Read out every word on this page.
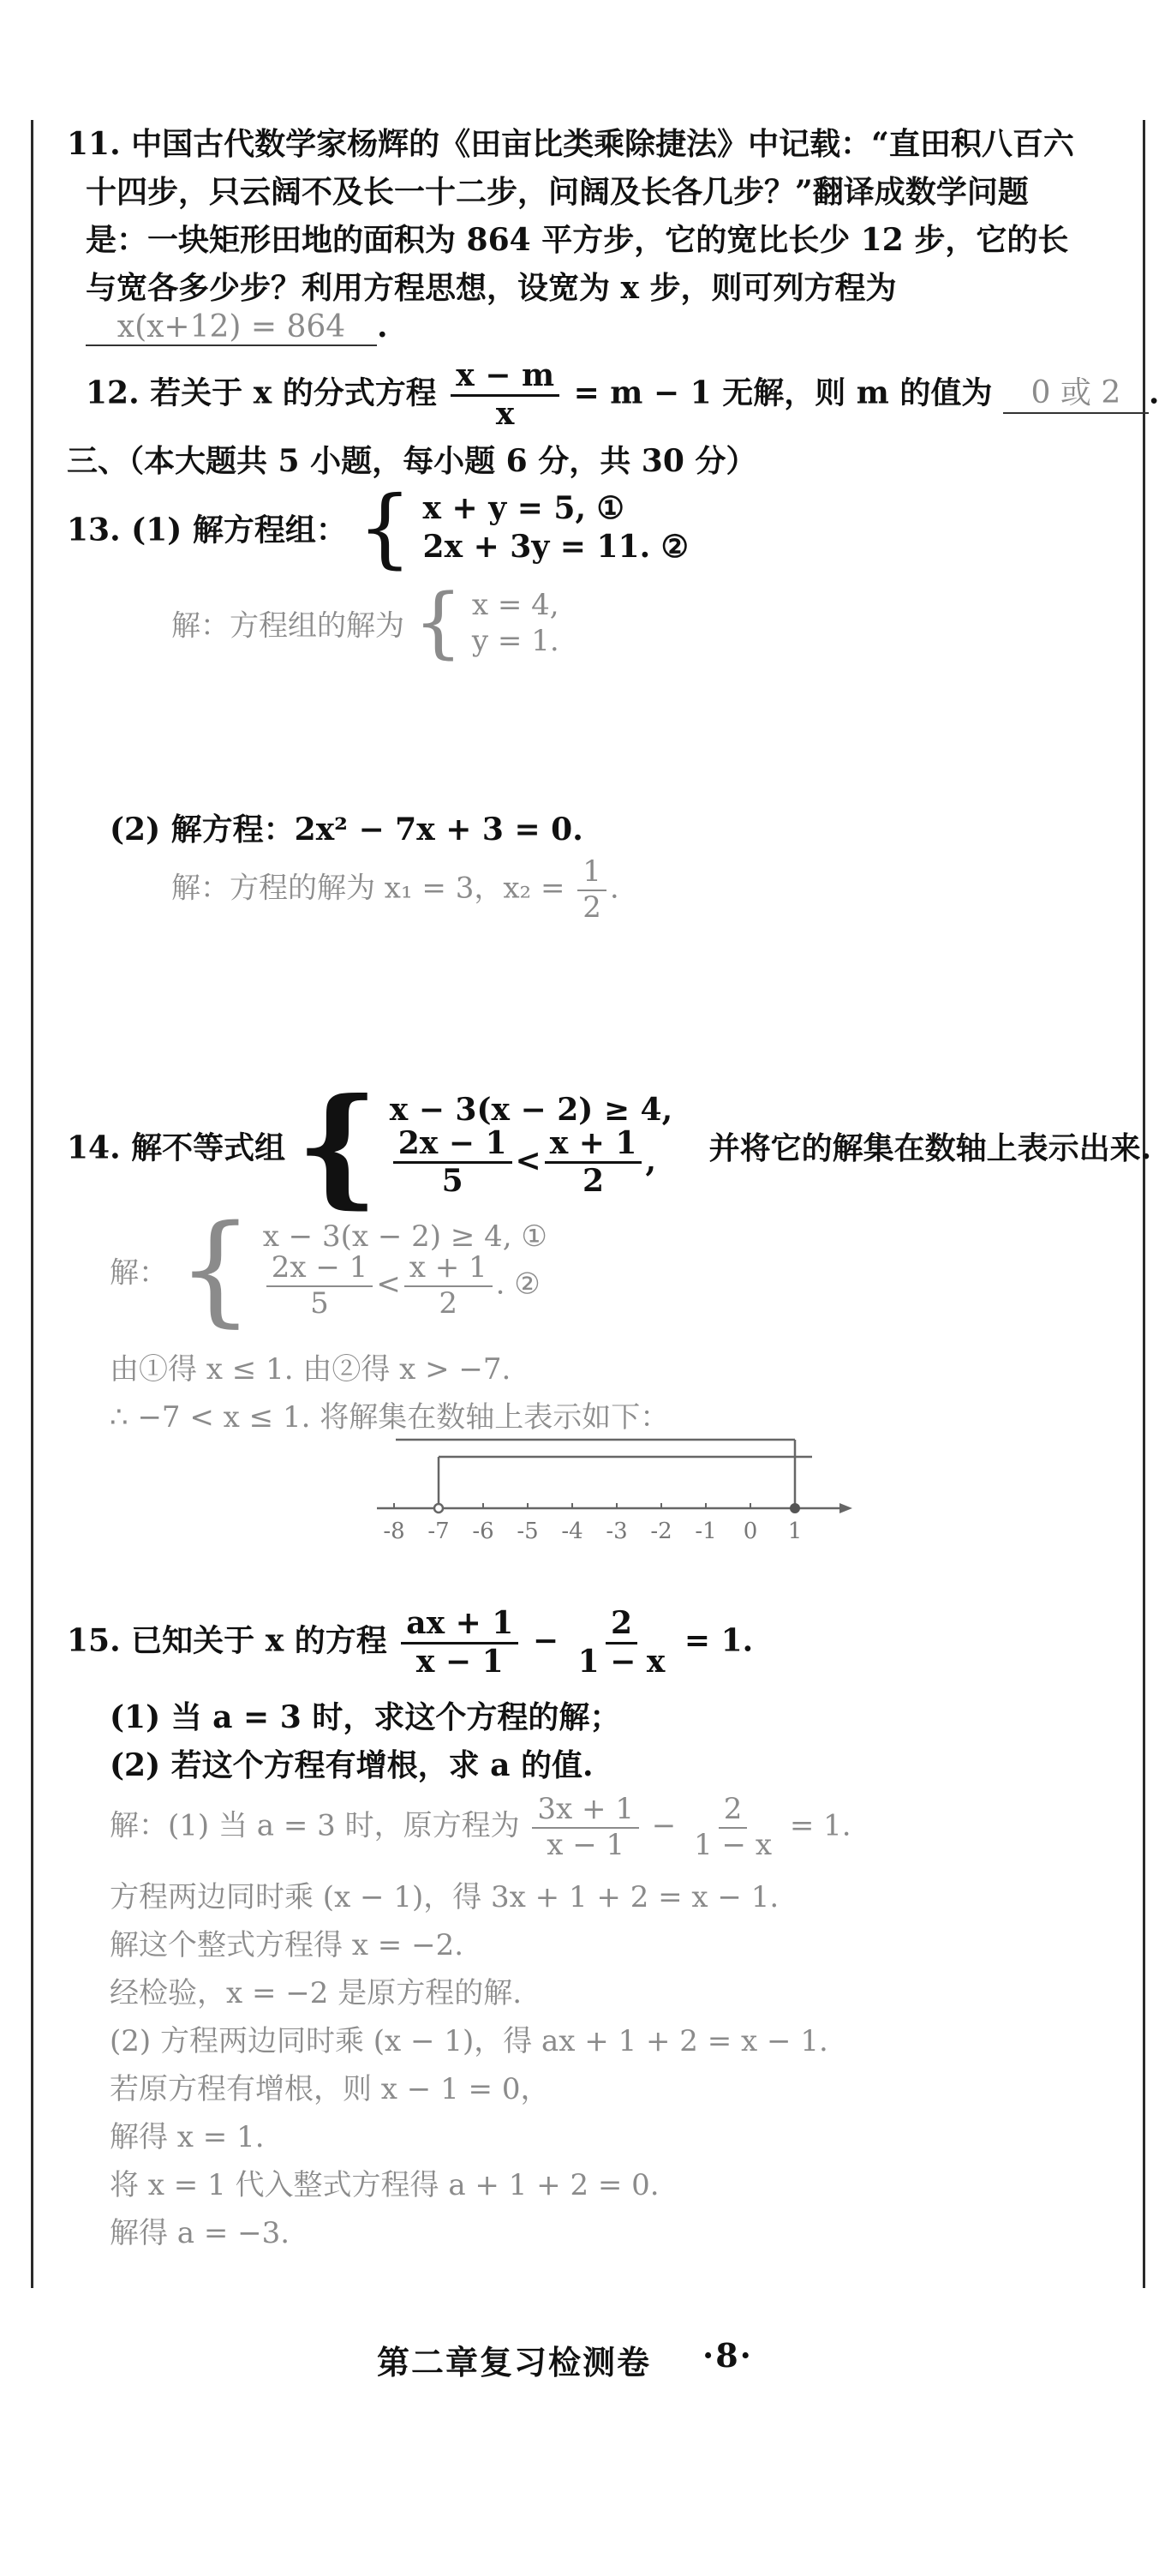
11. 中国古代数学家杨辉的《田亩比类乘除捷法》中记载：“直田积八百六
十四步，只云阔不及长一十二步，问阔及长各几步？”翻译成数学问题
是：一块矩形田地的面积为 864 平方步，它的宽比长少 12 步，它的长
与宽各多少步？利用方程思想，设宽为 x 步，则可列方程为
x(x+12) = 864 .
12. 若关于 x 的分式方程 $\frac{x - m}{x} = m - 1$ 无解，则 m 的值为 0 或 2 .
三、（本大题共 5 小题，每小题 6 分，共 30 分）
13. (1) 解方程组： { x + y = 5, ①
2x + 3y = 11. ②
解：方程组的解为 { x = 4,
y = 1.
(2) 解方程：2x² − 7x + 3 = 0.
解：方程的解为 x₁ = 3，$x_2 = \frac{1}{2}$ .
14. 解不等式组 { x − 3(x − 2) ≥ 4,
$\frac{2x - 1}{5} < \frac{x + 1}{2}$ ,	并将它的解集在数轴上表示出来.
解： { x − 3(x − 2) ≥ 4, ①
$\frac{2x - 1}{5} < \frac{x + 1}{2}$ . ②
由①得 x ≤ 1. 由②得 x > −7.
∴ −7 < x ≤ 1. 将解集在数轴上表示如下：
-8 -7 -6 -5 -4 -3 -2 -1 0 1
15. 已知关于 x 的方程 $\frac{ax + 1}{x - 1} - \frac{2}{1 - x} = 1$.
(1) 当 a = 3 时，求这个方程的解；
(2) 若这个方程有增根，求 a 的值.
解：(1) 当 a = 3 时，原方程为 $\frac{3x + 1}{x - 1} - \frac{2}{1 - x} = 1$.
方程两边同时乘 (x − 1)，得 3x + 1 + 2 = x − 1.
解这个整式方程得 x = −2.
经检验，x = −2 是原方程的解.
(2) 方程两边同时乘 (x − 1)，得 ax + 1 + 2 = x − 1.
若原方程有增根，则 x − 1 = 0，
解得 x = 1.
将 x = 1 代入整式方程得 a + 1 + 2 = 0.
解得 a = −3.
第二章复习检测卷 ·8·
